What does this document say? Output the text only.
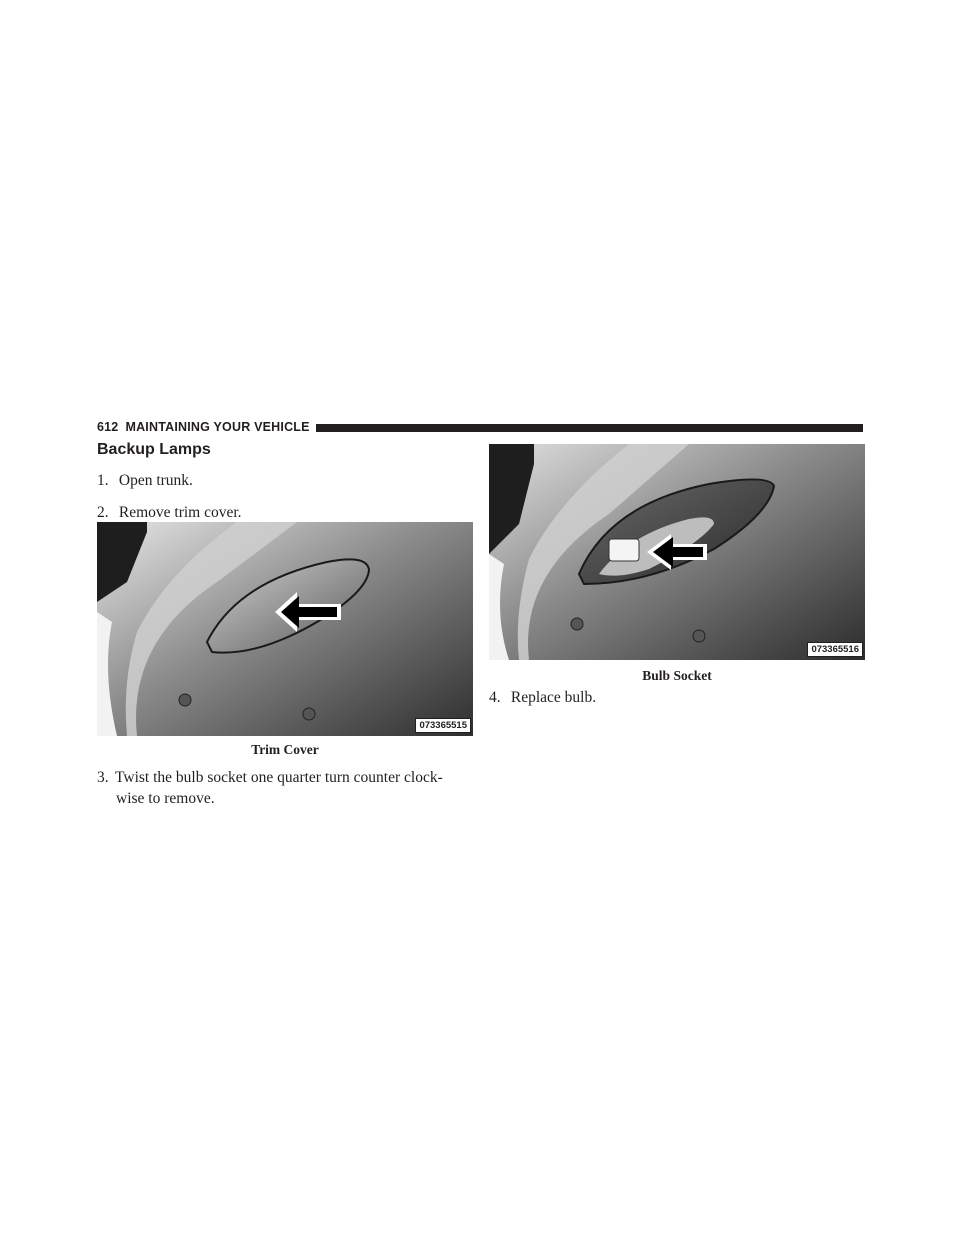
612 MAINTAINING YOUR VEHICLE
Backup Lamps
1. Open trunk.
2. Remove trim cover.
073365515
Trim Cover
3. Twist the bulb socket one quarter turn counter clock-
wise to remove.
073365516
Bulb Socket
4. Replace bulb.
